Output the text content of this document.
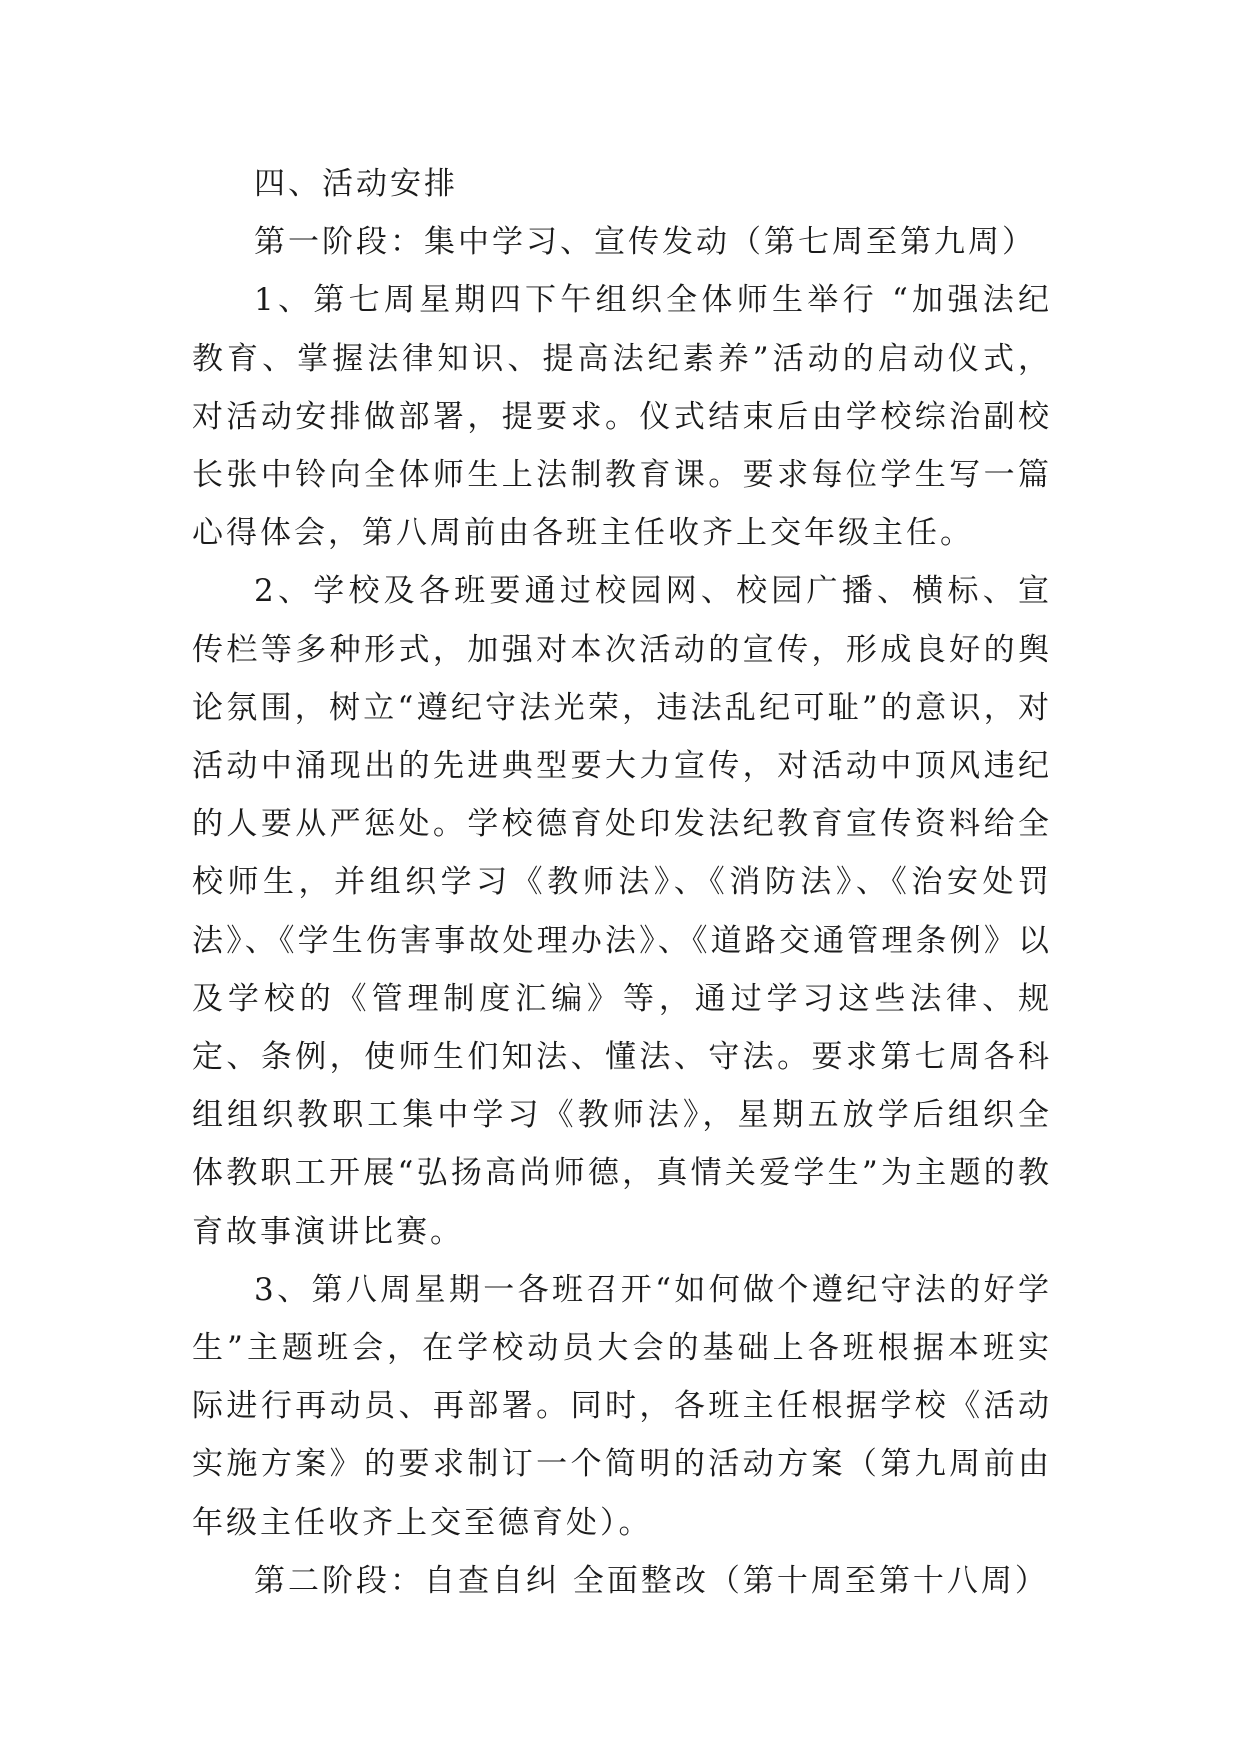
四、活动安排

第一阶段：集中学习、宣传发动（第七周至第九周）

1、第七周星期四下午组织全体师生举行 “加强法纪教育、掌握法律知识、提高法纪素养”活动的启动仪式，对活动安排做部署，提要求。仪式结束后由学校综治副校长张中铃向全体师生上法制教育课。要求每位学生写一篇心得体会，第八周前由各班主任收齐上交年级主任。

2、学校及各班要通过校园网、校园广播、横标、宣传栏等多种形式，加强对本次活动的宣传，形成良好的舆论氛围，树立“遵纪守法光荣，违法乱纪可耻”的意识，对活动中涌现出的先进典型要大力宣传，对活动中顶风违纪的人要从严惩处。学校德育处印发法纪教育宣传资料给全校师生，并组织学习《教师法》、《消防法》、《治安处罚法》、《学生伤害事故处理办法》、《道路交通管理条例》以及学校的《管理制度汇编》等，通过学习这些法律、规定、条例，使师生们知法、懂法、守法。要求第七周各科组组织教职工集中学习《教师法》，星期五放学后组织全体教职工开展“弘扬高尚师德，真情关爱学生”为主题的教育故事演讲比赛。

3、第八周星期一各班召开“如何做个遵纪守法的好学生”主题班会，在学校动员大会的基础上各班根据本班实际进行再动员、再部署。同时，各班主任根据学校《活动实施方案》的要求制订一个简明的活动方案（第九周前由年级主任收齐上交至德育处）。

第二阶段：自查自纠 全面整改（第十周至第十八周）
